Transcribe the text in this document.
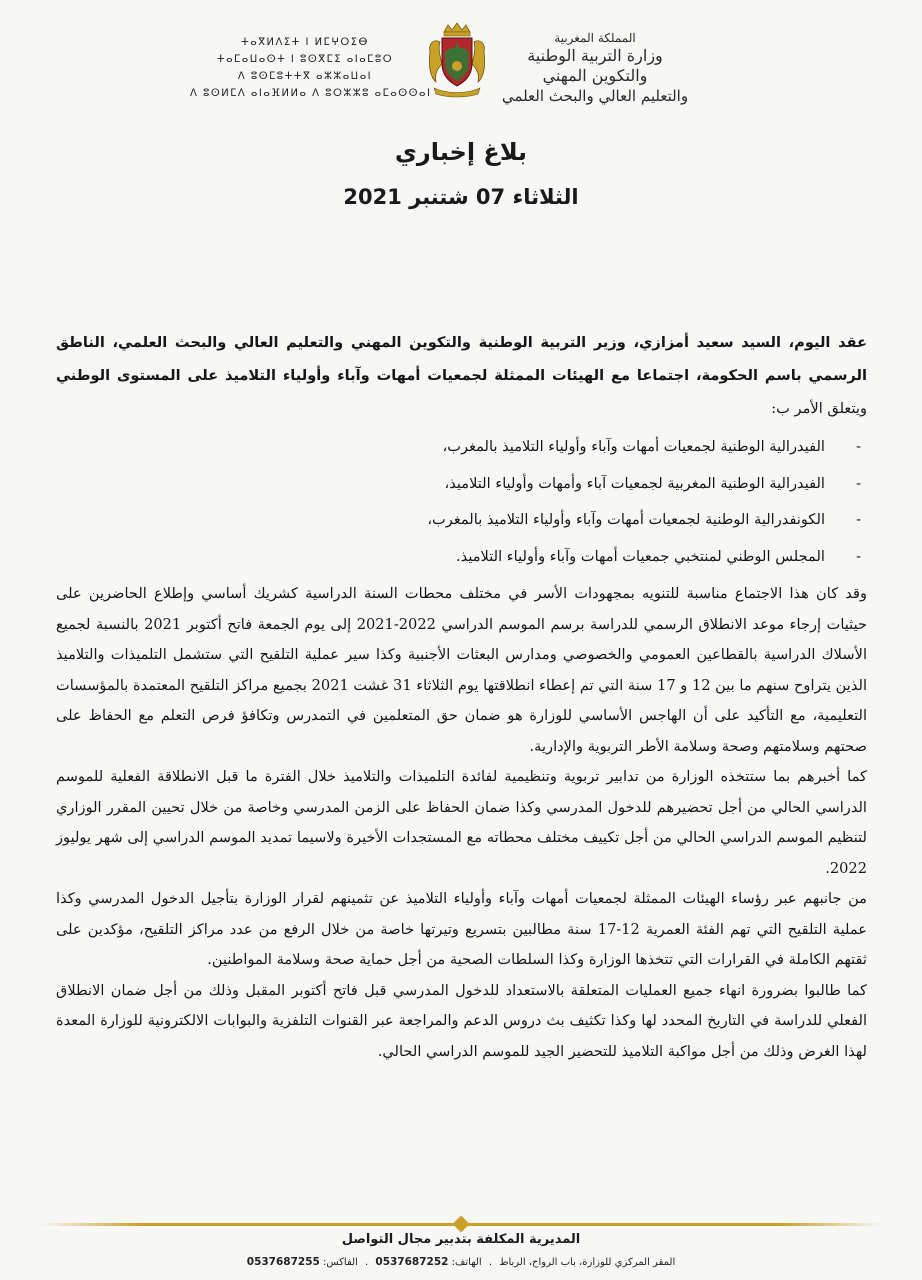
ⵜⴰⴳⵍⴷⵉⵜ ⵏ ⵍⵎⵖⵔⵉⴱ
ⵜⴰⵎⴰⵡⴰⵙⵜ ⵏ ⵓⵙⴳⵎⵉ ⴰⵏⴰⵎⵓⵔ
ⴷ ⵓⵙⵎⵓⵜⵜⴳ ⴰⵣⵣⴰⵡⴰⵏ
ⴷ ⵓⵙⵍⵎⴷ ⴰⵏⴰⴼⵍⵍⴰ ⴷ ⵓⵔⵣⵣⵓ ⴰⵎⴰⵙⵙⴰⵏ
المملكة المغربية
وزارة التربية الوطنية
والتكوين المهني
والتعليم العالي والبحث العلمي
بلاغ إخباري
الثلاثاء 07 شتنبر 2021

عقد اليوم، السيد سعيد أمزازي، وزير التربية الوطنية والتكوين المهني والتعليم العالي والبحث العلمي، الناطق الرسمي باسم الحكومة، اجتماعا مع الهيئات الممثلة لجمعيات أمهات وآباء وأولياء التلاميذ على المستوى الوطني ويتعلق الأمر ب:

- الفيدرالية الوطنية لجمعيات أمهات وآباء وأولياء التلاميذ بالمغرب،
- الفيدرالية الوطنية المغربية لجمعيات آباء وأمهات وأولياء التلاميذ،
- الكونفدرالية الوطنية لجمعيات أمهات وآباء وأولياء التلاميذ بالمغرب،
- المجلس الوطني لمنتخبي جمعيات أمهات وآباء وأولياء التلاميذ.

وقد كان هذا الاجتماع مناسبة للتنويه بمجهودات الأسر في مختلف محطات السنة الدراسية كشريك أساسي وإطلاع الحاضرين على حيثيات إرجاء موعد الانطلاق الرسمي للدراسة برسم الموسم الدراسي 2022-2021 إلى يوم الجمعة فاتح أكتوبر 2021 بالنسبة لجميع الأسلاك الدراسية بالقطاعين العمومي والخصوصي ومدارس البعثات الأجنبية وكذا سير عملية التلقيح التي ستشمل التلميذات والتلاميذ الذين يتراوح سنهم ما بين 12 و 17 سنة التي تم إعطاء انطلاقتها يوم الثلاثاء 31 غشت 2021 بجميع مراكز التلقيح المعتمدة بالمؤسسات التعليمية، مع التأكيد على أن الهاجس الأساسي للوزارة هو ضمان حق المتعلمين في التمدرس وتكافؤ فرص التعلم مع الحفاظ على صحتهم وسلامتهم وصحة وسلامة الأطر التربوية والإدارية.

كما أخبرهم بما ستتخذه الوزارة من تدابير تربوية وتنظيمية لفائدة التلميذات والتلاميذ خلال الفترة ما قبل الانطلاقة الفعلية للموسم الدراسي الحالي من أجل تحضيرهم للدخول المدرسي وكذا ضمان الحفاظ على الزمن المدرسي وخاصة من خلال تحيين المقرر الوزاري لتنظيم الموسم الدراسي الحالي من أجل تكييف مختلف محطاته مع المستجدات الأخيرة ولاسيما تمديد الموسم الدراسي إلى شهر يوليوز 2022.

من جانبهم عبر رؤساء الهيئات الممثلة لجمعيات أمهات وآباء وأولياء التلاميذ عن تثمينهم لقرار الوزارة بتأجيل الدخول المدرسي وكذا عملية التلقيح التي تهم الفئة العمرية 12-17 سنة مطالبين بتسريع وتيرتها خاصة من خلال الرفع من عدد مراكز التلقيح، مؤكدين على ثقتهم الكاملة في القرارات التي تتخذها الوزارة وكذا السلطات الصحية من أجل حماية صحة وسلامة المواطنين.

كما طالبوا بضرورة انهاء جميع العمليات المتعلقة بالاستعداد للدخول المدرسي قبل فاتح أكتوبر المقبل وذلك من أجل ضمان الانطلاق الفعلي للدراسة في التاريخ المحدد لها وكذا تكثيف بث دروس الدعم والمراجعة عبر القنوات التلفزية والبوابات الالكترونية للوزارة المعدة لهذا الغرض وذلك من أجل مواكبة التلاميذ للتحضير الجيد للموسم الدراسي الحالي.

المديرية المكلفة بتدبير مجال التواصل
المقر المركزي للوزارة، باب الرواح، الرباط . الهاتف: 0537687252 . الفاكس: 0537687255
